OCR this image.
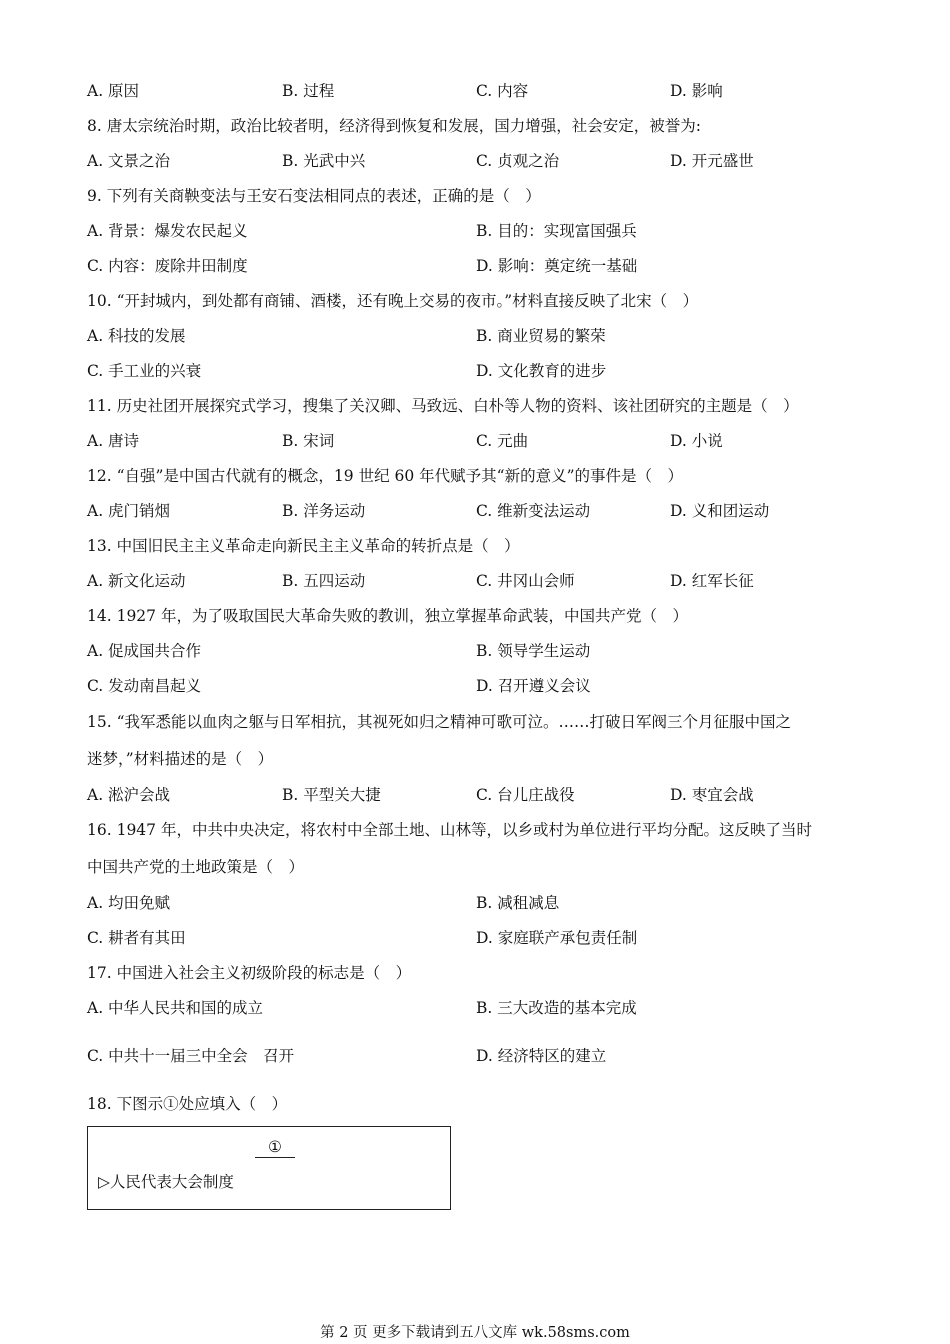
A. 原因	B. 过程	C. 内容	D. 影响
8. 唐太宗统治时期，政治比较者明，经济得到恢复和发展，国力增强，社会安定，被誉为:
A. 文景之治	B. 光武中兴	C. 贞观之治	D. 开元盛世
9. 下列有关商鞅变法与王安石变法相同点的表述，正确的是（　）
A. 背景：爆发农民起义	B. 目的：实现富国强兵
C. 内容：废除井田制度	D. 影响：奠定统一基础
10. “开封城内，到处都有商铺、酒楼，还有晚上交易的夜市。”材料直接反映了北宋（　）
A. 科技的发展	B. 商业贸易的繁荣
C. 手工业的兴衰	D. 文化教育的进步
11. 历史社团开展探究式学习，搜集了关汉卿、马致远、白朴等人物的资料、该社团研究的主题是（　）
A. 唐诗	B. 宋词	C. 元曲	D. 小说
12. “自强”是中国古代就有的概念，19 世纪 60 年代赋予其“新的意义”的事件是（　）
A. 虎门销烟	B. 洋务运动	C. 维新变法运动	D. 义和团运动
13. 中国旧民主主义革命走向新民主主义革命的转折点是（　）
A. 新文化运动	B. 五四运动	C. 井冈山会师	D. 红军长征
14. 1927 年，为了吸取国民大革命失败的教训，独立掌握革命武装，中国共产党（　）
A. 促成国共合作	B. 领导学生运动
C. 发动南昌起义	D. 召开遵义会议
15. “我军悉能以血肉之躯与日军相抗，其视死如归之精神可歌可泣。……打破日军阀三个月征服中国之
迷梦，”材料描述的是（　）
A. 淞沪会战	B. 平型关大捷	C. 台儿庄战役	D. 枣宜会战
16. 1947 年，中共中央决定，将农村中全部土地、山林等，以乡或村为单位进行平均分配。这反映了当时
中国共产党的土地政策是（　）
A. 均田免赋	B. 减租减息
C. 耕者有其田	D. 家庭联产承包责任制
17. 中国进入社会主义初级阶段的标志是（　）
A. 中华人民共和国的成立	B. 三大改造的基本完成
C. 中共十一届三中全会　召开	D. 经济特区的建立
18. 下图示①处应填入（　）
①
▷人民代表大会制度
第 2 页 更多下载请到五八文库 wk.58sms.com
